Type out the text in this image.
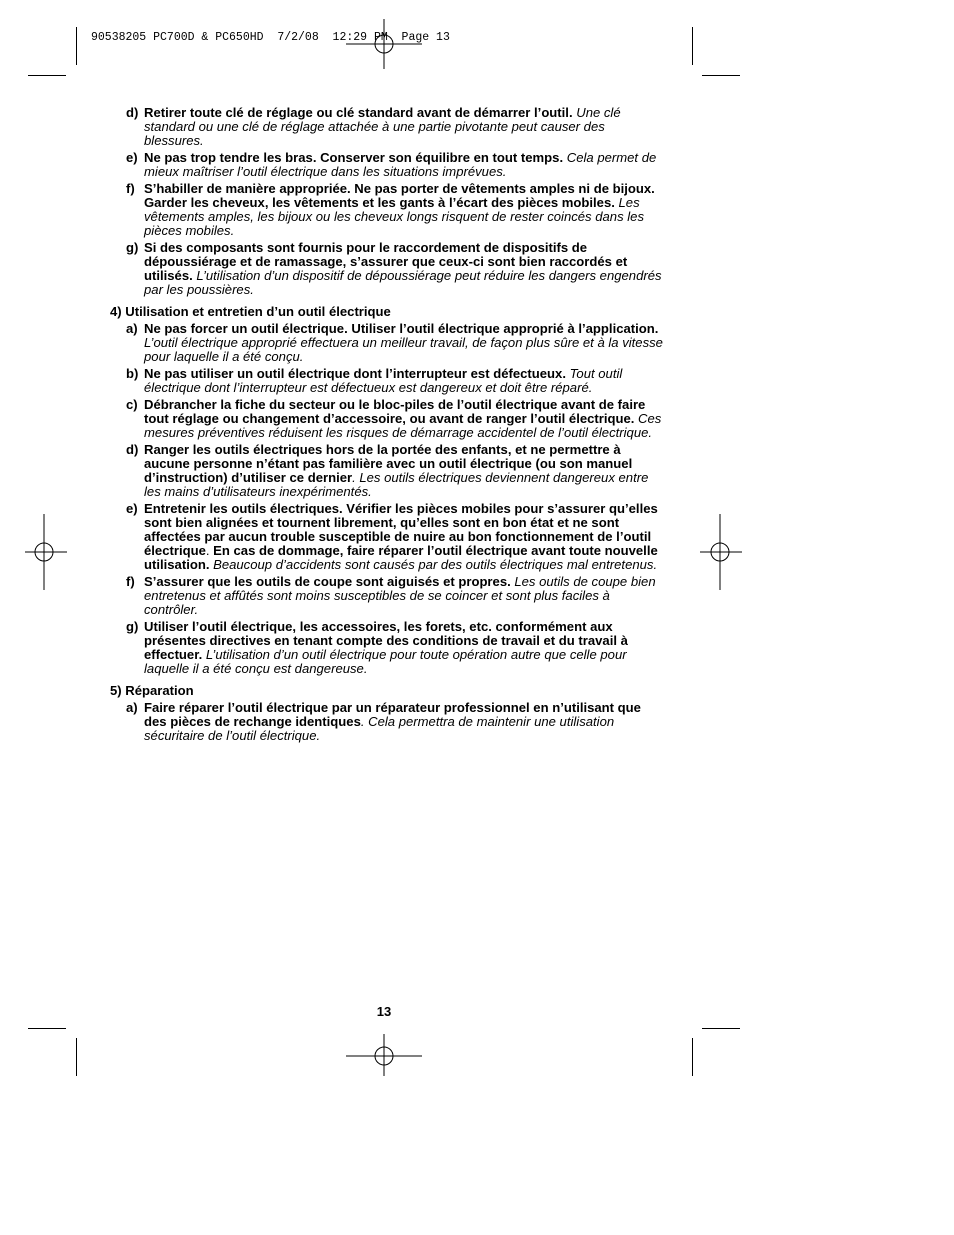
90538205 PC700D & PC650HD  7/2/08  12:29 PM  Page 13
d) Retirer toute clé de réglage ou clé standard avant de démarrer l’outil. Une clé standard ou une clé de réglage attachée à une partie pivotante peut causer des blessures.
e) Ne pas trop tendre les bras. Conserver son équilibre en tout temps. Cela permet de mieux maîtriser l’outil électrique dans les situations imprévues.
f) S’habiller de manière appropriée. Ne pas porter de vêtements amples ni de bijoux. Garder les cheveux, les vêtements et les gants à l’écart des pièces mobiles. Les vêtements amples, les bijoux ou les cheveux longs risquent de rester coincés dans les pièces mobiles.
g) Si des composants sont fournis pour le raccordement de dispositifs de dépoussiérage et de ramassage, s’assurer que ceux-ci sont bien raccordés et utilisés. L’utilisation d’un dispositif de dépoussiérage peut réduire les dangers engendrés par les poussières.
4) Utilisation et entretien d’un outil électrique
a) Ne pas forcer un outil électrique. Utiliser l’outil électrique approprié à l’application. L’outil électrique approprié effectuera un meilleur travail, de façon plus sûre et à la vitesse pour laquelle il a été conçu.
b) Ne pas utiliser un outil électrique dont l’interrupteur est défectueux. Tout outil électrique dont l’interrupteur est défectueux est dangereux et doit être réparé.
c) Débrancher la fiche du secteur ou le bloc-piles de l’outil électrique avant de faire tout réglage ou changement d’accessoire, ou avant de ranger l’outil électrique. Ces mesures préventives réduisent les risques de démarrage accidentel de l’outil électrique.
d) Ranger les outils électriques hors de la portée des enfants, et ne permettre à aucune personne n’étant pas familière avec un outil électrique (ou son manuel d’instruction) d’utiliser ce dernier. Les outils électriques deviennent dangereux entre les mains d’utilisateurs inexpérimentés.
e) Entretenir les outils électriques. Vérifier les pièces mobiles pour s’assurer qu’elles sont bien alignées et tournent librement, qu’elles sont en bon état et ne sont affectées par aucun trouble susceptible de nuire au bon fonctionnement de l’outil électrique. En cas de dommage, faire réparer l’outil électrique avant toute nouvelle utilisation. Beaucoup d’accidents sont causés par des outils électriques mal entretenus.
f) S’assurer que les outils de coupe sont aiguisés et propres. Les outils de coupe bien entretenus et affûtés sont moins susceptibles de se coincer et sont plus faciles à contrôler.
g) Utiliser l’outil électrique, les accessoires, les forets, etc. conformément aux présentes directives en tenant compte des conditions de travail et du travail à effectuer. L’utilisation d’un outil électrique pour toute opération autre que celle pour laquelle il a été conçu est dangereuse.
5) Réparation
a) Faire réparer l’outil électrique par un réparateur professionnel en n’utilisant que des pièces de rechange identiques. Cela permettra de maintenir une utilisation sécuritaire de l’outil électrique.
13
